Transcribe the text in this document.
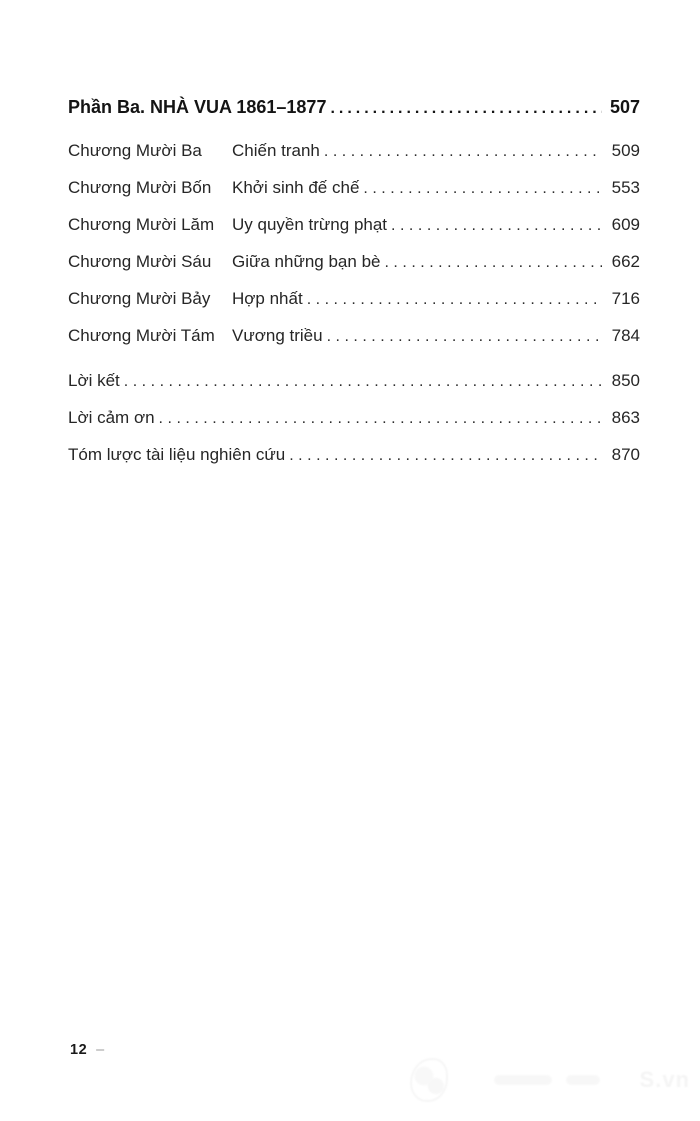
Phần Ba. NHÀ VUA 1861–1877 .....	507
Chương Mười Ba	Chiến tranh .....	509
Chương Mười Bốn	Khởi sinh đế chế .....	553
Chương Mười Lăm	Uy quyền trừng phạt .....	609
Chương Mười Sáu	Giữa những bạn bè .....	662
Chương Mười Bảy	Hợp nhất .....	716
Chương Mười Tám	Vương triều .....	784
Lời kết .....	850
Lời cảm ơn .....	863
Tóm lược tài liệu nghiên cứu .....	870
12 –
S.vn
